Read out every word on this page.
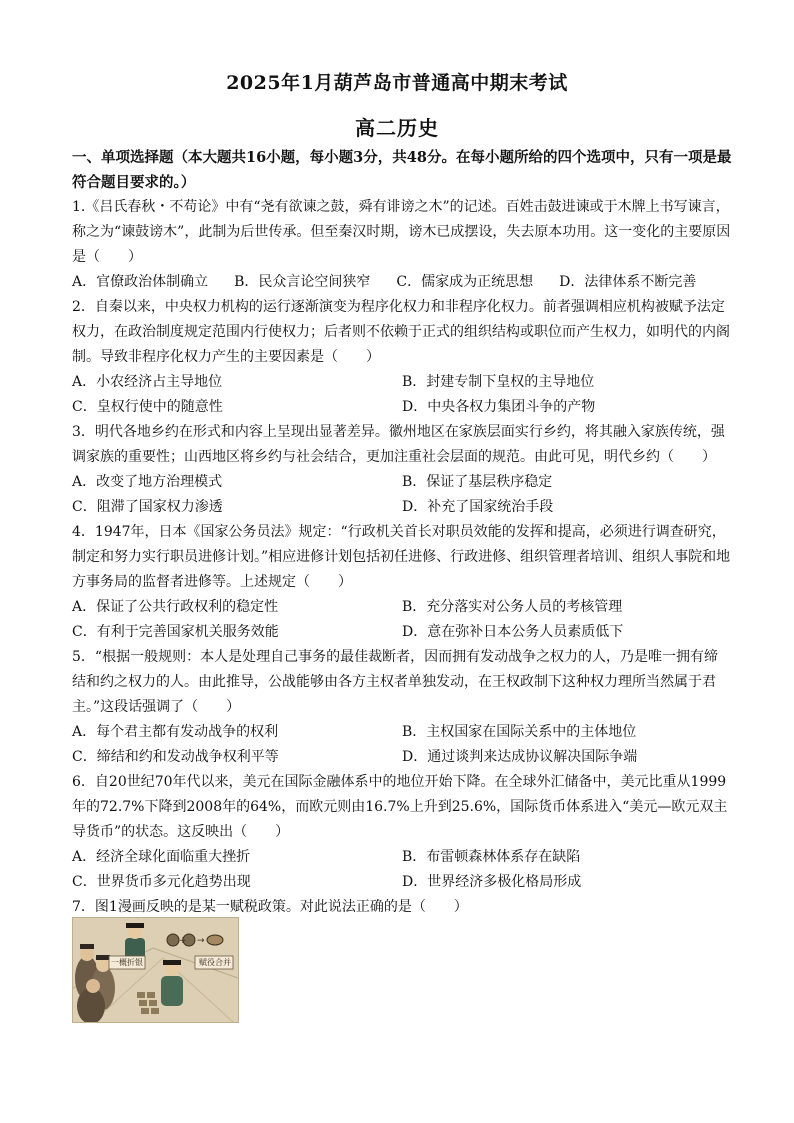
2025年1月葫芦岛市普通高中期末考试
高二历史
一、单项选择题（本大题共16小题，每小题3分，共48分。在每小题所给的四个选项中，只有一项是最符合题目要求的。）

1.《吕氏春秋・不苟论》中有“尧有欲谏之鼓，舜有诽谤之木”的记述。百姓击鼓进谏或于木牌上书写谏言，称之为“谏鼓谤木”，此制为后世传承。但至秦汉时期，谤木已成摆设，失去原本功用。这一变化的主要原因是（　　）

A．官僚政治体制确立 B．民众言论空间狭窄 C．儒家成为正统思想 D．法律体系不断完善

2．自秦以来，中央权力机构的运行逐渐演变为程序化权力和非程序化权力。前者强调相应机构被赋予法定权力，在政治制度规定范围内行使权力；后者则不依赖于正式的组织结构或职位而产生权力，如明代的内阁制。导致非程序化权力产生的主要因素是（　　）

A．小农经济占主导地位	B．封建专制下皇权的主导地位
C．皇权行使中的随意性	D．中央各权力集团斗争的产物

3．明代各地乡约在形式和内容上呈现出显著差异。徽州地区在家族层面实行乡约，将其融入家族传统，强调家族的重要性；山西地区将乡约与社会结合，更加注重社会层面的规范。由此可见，明代乡约（　　）

A．改变了地方治理模式	B．保证了基层秩序稳定
C．阻滞了国家权力渗透	D．补充了国家统治手段

4．1947年，日本《国家公务员法》规定：“行政机关首长对职员效能的发挥和提高，必须进行调查研究，制定和努力实行职员进修计划。”相应进修计划包括初任进修、行政进修、组织管理者培训、组织人事院和地方事务局的监督者进修等。上述规定（　　）

A．保证了公共行政权利的稳定性	B．充分落实对公务人员的考核管理
C．有利于完善国家机关服务效能	D．意在弥补日本公务人员素质低下

5．“根据一般规则：本人是处理自己事务的最佳裁断者，因而拥有发动战争之权力的人，乃是唯一拥有缔结和约之权力的人。由此推导，公战能够由各方主权者单独发动，在王权政制下这种权力理所当然属于君主。”这段话强调了（　　）

A．每个君主都有发动战争的权利	B．主权国家在国际关系中的主体地位
C．缔结和约和发动战争权利平等	D．通过谈判来达成协议解决国际争端

6．自20世纪70年代以来，美元在国际金融体系中的地位开始下降。在全球外汇储备中，美元比重从1999年的72.7%下降到2008年的64%，而欧元则由16.7%上升到25.6%，国际货币体系进入“美元—欧元双主导货币”的状态。这反映出（　　）

A．经济全球化面临重大挫折	B．布雷顿森林体系存在缺陷
C．世界货币多元化趋势出现	D．世界经济多极化格局形成

7．图1漫画反映的是某一赋税政策。对此说法正确的是（　　）

+ →
一概折银	赋役合并
